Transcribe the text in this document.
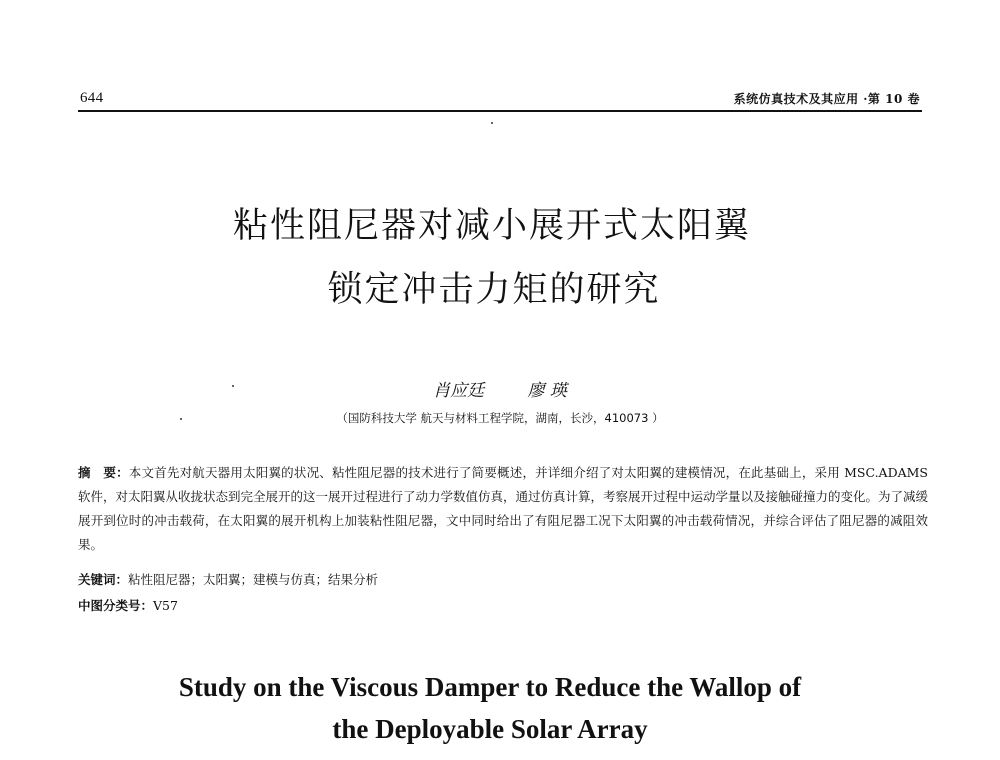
644	系统仿真技术及其应用 ·第 10 卷
粘性阻尼器对减小展开式太阳翼
锁定冲击力矩的研究
肖应廷	廖 瑛
（国防科技大学 航天与材料工程学院，湖南，长沙，410073 ）
摘　要：本文首先对航天器用太阳翼的状况、粘性阻尼器的技术进行了简要概述，并详细介绍了对太阳翼的建模情况，在此基础上，采用 MSC.ADAMS 软件，对太阳翼从收拢状态到完全展开的这一展开过程进行了动力学数值仿真，通过仿真计算，考察展开过程中运动学量以及接触碰撞力的变化。为了减缓展开到位时的冲击载荷，在太阳翼的展开机构上加装粘性阻尼器，文中同时给出了有阻尼器工况下太阳翼的冲击载荷情况，并综合评估了阻尼器的减阻效果。
关键词：粘性阻尼器；太阳翼；建模与仿真；结果分析
中图分类号：V57
Study on the Viscous Damper to Reduce the Wallop of
the Deployable Solar Array
